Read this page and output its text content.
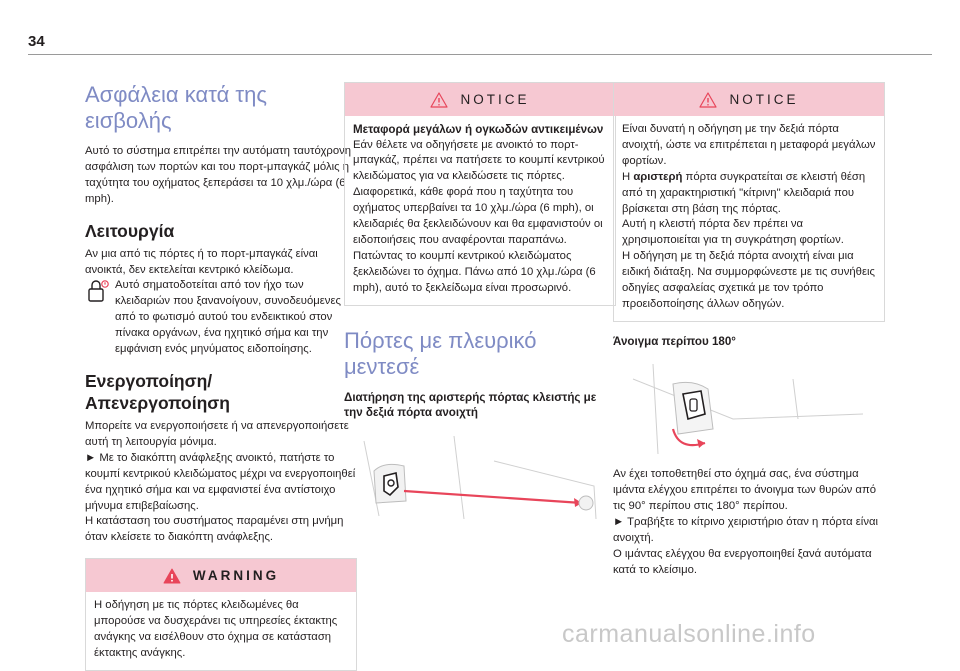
34
Ασφάλεια κατά της εισβολής

Αυτό το σύστημα επιτρέπει την αυτόματη ταυτόχρονη ασφάλιση των πορτών και του πορτ-μπαγκάζ μόλις η ταχύτητα του οχήματος ξεπεράσει τα 10 χλμ./ώρα (6 mph).

Λειτουργία

Αν μια από τις πόρτες ή το πορτ-μπαγκάζ είναι ανοικτά, δεν εκτελείται κεντρικό κλείδωμα.

Αυτό σηματοδοτείται από τον ήχο των κλειδαριών που ξανανοίγουν, συνοδευόμενες από το φωτισμό αυτού του ενδεικτικού στον πίνακα οργάνων, ένα ηχητικό σήμα και την εμφάνιση ενός μηνύματος ειδοποίησης.

Ενεργοποίηση/ Απενεργοποίηση

Μπορείτε να ενεργοποιήσετε ή να απενεργοποιήσετε αυτή τη λειτουργία μόνιμα.

► Με το διακόπτη ανάφλεξης ανοικτό, πατήστε το κουμπί κεντρικού κλειδώματος μέχρι να ενεργοποιηθεί ένα ηχητικό σήμα και να εμφανιστεί ένα αντίστοιχο μήνυμα επιβεβαίωσης.

Η κατάσταση του συστήματος παραμένει στη μνήμη όταν κλείσετε το διακόπτη ανάφλεξης.

WARNING

Η οδήγηση με τις πόρτες κλειδωμένες θα μπορούσε να δυσχεράνει τις υπηρεσίες έκτακτης ανάγκης να εισέλθουν στο όχημα σε κατάσταση έκτακτης ανάγκης.

NOTICE

Μεταφορά μεγάλων ή ογκωδών αντικειμένων

Εάν θέλετε να οδηγήσετε με ανοικτό το πορτ-μπαγκάζ, πρέπει να πατήσετε το κουμπί κεντρικού κλειδώματος για να κλειδώσετε τις πόρτες. Διαφορετικά, κάθε φορά που η ταχύτητα του οχήματος υπερβαίνει τα 10 χλμ./ώρα (6 mph), οι κλειδαριές θα ξεκλειδώνουν και θα εμφανιστούν οι ειδοποιήσεις που αναφέρονται παραπάνω. Πατώντας το κουμπί κεντρικού κλειδώματος ξεκλειδώνει το όχημα. Πάνω από 10 χλμ./ώρα (6 mph), αυτό το ξεκλείδωμα είναι προσωρινό.

Πόρτες με πλευρικό μεντεσέ

Διατήρηση της αριστερής πόρτας κλειστής με την δεξιά πόρτα ανοιχτή

NOTICE

Είναι δυνατή η οδήγηση με την δεξιά πόρτα ανοιχτή, ώστε να επιτρέπεται η μεταφορά μεγάλων φορτίων.

Η αριστερή πόρτα συγκρατείται σε κλειστή θέση από τη χαρακτηριστική "κίτρινη" κλειδαριά που βρίσκεται στη βάση της πόρτας.

Αυτή η κλειστή πόρτα δεν πρέπει να χρησιμοποιείται για τη συγκράτηση φορτίων.

Η οδήγηση με τη δεξιά πόρτα ανοιχτή είναι μια ειδική διάταξη. Να συμμορφώνεστε με τις συνήθεις οδηγίες ασφαλείας σχετικά με τον τρόπο προειδοποίησης άλλων οδηγών.

Άνοιγμα περίπου 180°

Αν έχει τοποθετηθεί στο όχημά σας, ένα σύστημα ιμάντα ελέγχου επιτρέπει το άνοιγμα των θυρών από τις 90° περίπου στις 180° περίπου.

► Τραβήξτε το κίτρινο χειριστήριο όταν η πόρτα είναι ανοιχτή.

Ο ιμάντας ελέγχου θα ενεργοποιηθεί ξανά αυτόματα κατά το κλείσιμο.

carmanualsonline.info
